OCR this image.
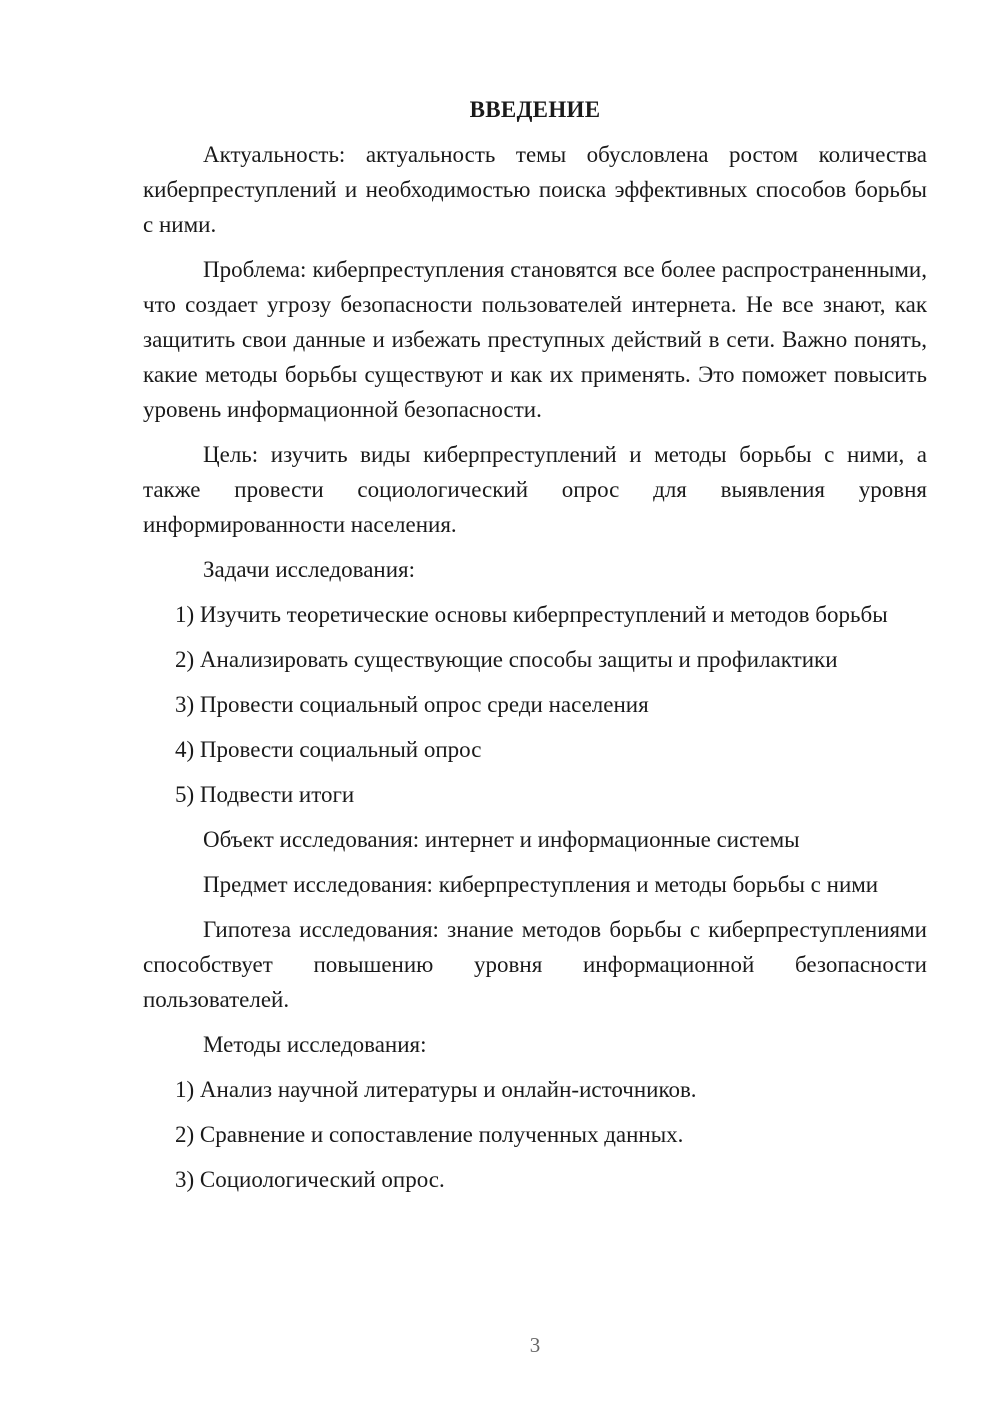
ВВЕДЕНИЕ
Актуальность: актуальность темы обусловлена ростом количества киберпреступлений и необходимостью поиска эффективных способов борьбы с ними.
Проблема: киберпреступления становятся все более распространенными, что создает угрозу безопасности пользователей интернета. Не все знают, как защитить свои данные и избежать преступных действий в сети. Важно понять, какие методы борьбы существуют и как их применять. Это поможет повысить уровень информационной безопасности.
Цель: изучить виды киберпреступлений и методы борьбы с ними, а также провести социологический опрос для выявления уровня информированности населения.
Задачи исследования:
1) Изучить теоретические основы киберпреступлений и методов борьбы
2) Анализировать существующие способы защиты и профилактики
3) Провести социальный опрос среди населения
4) Провести социальный опрос
5) Подвести итоги
Объект исследования: интернет и информационные системы
Предмет исследования: киберпреступления и методы борьбы с ними
Гипотеза исследования: знание методов борьбы с киберпреступлениями способствует повышению уровня информационной безопасности пользователей.
Методы исследования:
1) Анализ научной литературы и онлайн-источников.
2) Сравнение и сопоставление полученных данных.
3) Социологический опрос.
3
